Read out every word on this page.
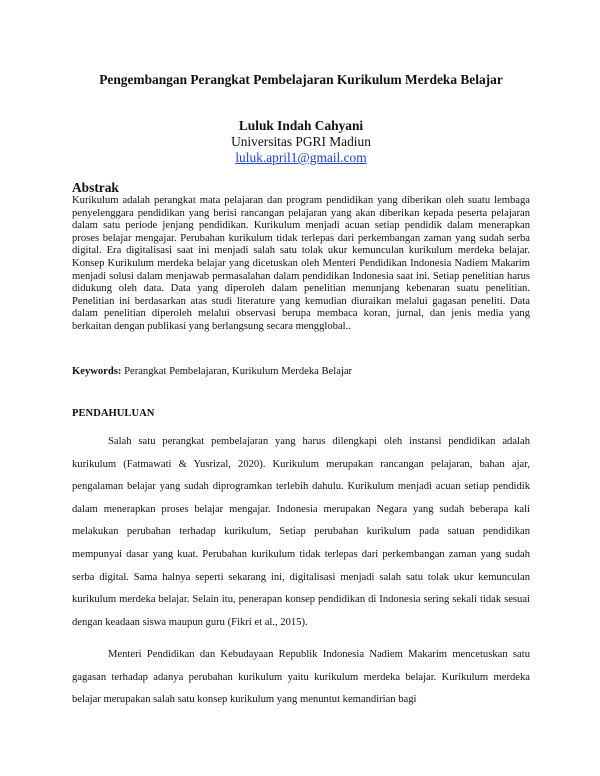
Pengembangan Perangkat Pembelajaran Kurikulum Merdeka Belajar
Luluk Indah Cahyani
Universitas PGRI Madiun
luluk.april1@gmail.com
Abstrak
Kurikulum adalah perangkat mata pelajaran dan program pendidikan yang diberikan oleh suatu lembaga penyelenggara pendidikan yang berisi rancangan pelajaran yang akan diberikan kepada peserta pelajaran dalam satu periode jenjang pendidikan. Kurikulum menjadi acuan setiap pendidik dalam menerapkan proses belajar mengajar. Perubahan kurikulum tidak terlepas dari perkembangan zaman yang sudah serba digital. Era digitalisasi saat ini menjadi salah satu tolak ukur kemunculan kurikulum merdeka belajar. Konsep Kurikulum merdeka belajar yang dicetuskan oleh Menteri Pendidikan Indonesia Nadiem Makarim menjadi solusi dalam menjawab permasalahan dalam pendidikan Indonesia saat ini. Setiap penelitian harus didukung oleh data. Data yang diperoleh dalam penelitian menunjang kebenaran suatu penelitian. Penelitian ini berdasarkan atas studi literature yang kemudian diuraikan melalui gagasan peneliti. Data dalam penelitian diperoleh melalui observasi berupa membaca koran, jurnal, dan jenis media yang berkaitan dengan publikasi yang berlangsung secara mengglobal..
Keywords: Perangkat Pembelajaran, Kurikulum Merdeka Belajar
PENDAHULUAN
Salah satu perangkat pembelajaran yang harus dilengkapi oleh instansi pendidikan adalah kurikulum (Fatmawati & Yusrizal, 2020). Kurikulum merupakan rancangan pelajaran, bahan ajar, pengalaman belajar yang sudah diprogramkan terlebih dahulu. Kurikulum menjadi acuan setiap pendidik dalam menerapkan proses belajar mengajar. Indonesia merupakan Negara yang sudah beberapa kali melakukan perubahan terhadap kurikulum, Setiap perubahan kurikulum pada satuan pendidikan mempunyai dasar yang kuat. Perubahan kurikulum tidak terlepas dari perkembangan zaman yang sudah serba digital. Sama halnya seperti sekarang ini, digitalisasi menjadi salah satu tolak ukur kemunculan kurikulum merdeka belajar. Selain itu, penerapan konsep pendidikan di Indonesia sering sekali tidak sesuai dengan keadaan siswa maupun guru (Fikri et al., 2015).
Menteri Pendidikan dan Kebudayaan Republik Indonesia Nadiem Makarim mencetuskan satu gagasan terhadap adanya perubahan kurikulum yaitu kurikulum merdeka belajar. Kurikulum merdeka belajar merupakan salah satu konsep kurikulum yang menuntut kemandirian bagi
